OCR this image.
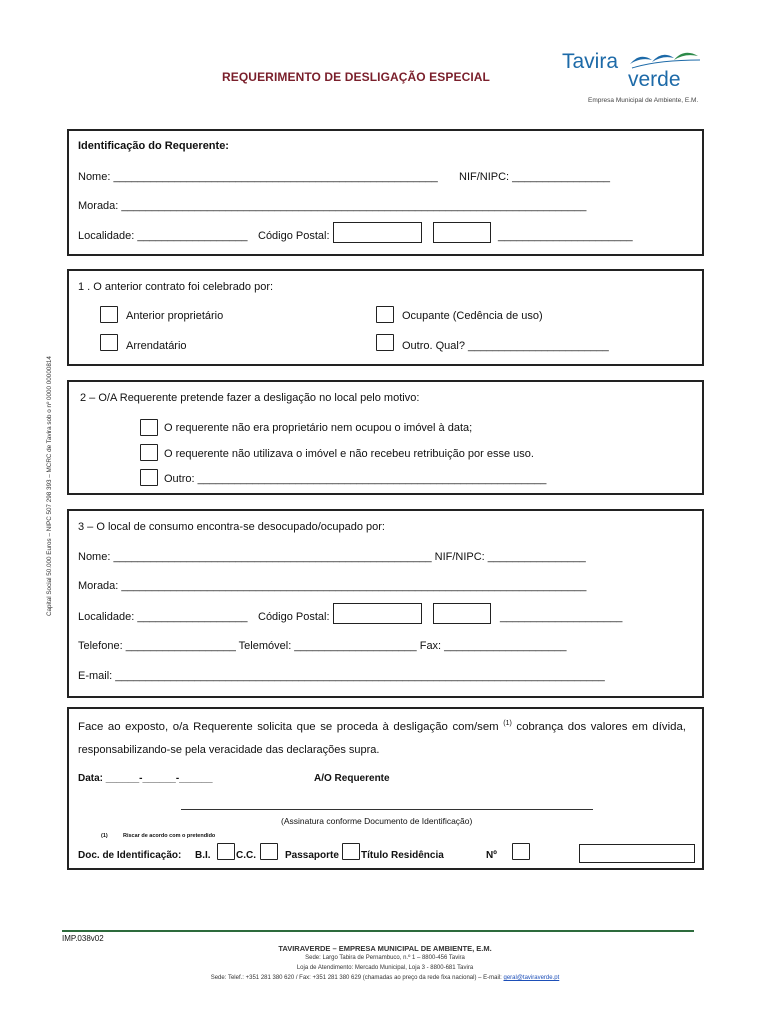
REQUERIMENTO DE DESLIGAÇÃO ESPECIAL
Tavira
verde
Empresa Municipal de Ambiente, E.M.
Capital Social 50.000 Euros – NIPC 507 298 393 – MCRC de Tavira sob o nº 0000 00000814
Identificação do Requerente:
Nome: _____________________________________________________ NIF/NIPC: ________________
Morada: ____________________________________________________________________________
Localidade: __________________ Código Postal:	______________________
1 . O anterior contrato foi celebrado por:
Anterior proprietário	Ocupante (Cedência de uso)
Arrendatário	Outro. Qual? _______________________
2 – O/A Requerente pretende fazer a desligação no local pelo motivo:
O requerente não era proprietário nem ocupou o imóvel à data;
O requerente não utilizava o imóvel e não recebeu retribuição por esse uso.
Outro: _________________________________________________________
3 – O local de consumo encontra-se desocupado/ocupado por:
Nome: ____________________________________________________ NIF/NIPC: ________________
Morada: ____________________________________________________________________________
Localidade: __________________ Código Postal:	____________________
Telefone: __________________ Telemóvel: ____________________ Fax: ____________________
E-mail: ________________________________________________________________________________
Face ao exposto, o/a Requerente solicita que se proceda à desligação com/sem $^{(1)}$ cobrança dos valores em dívida,
responsabilizando-se pela veracidade das declarações supra.
Data: ______-______-______	A/O Requerente
(Assinatura conforme Documento de Identificação)
(1)	Riscar de acordo com o pretendido
Doc. de Identificação: B.I.	C.C.	Passaporte Título Residência	Nº
IMP.038v02
TAVIRAVERDE – EMPRESA MUNICIPAL DE AMBIENTE, E.M.
Sede: Largo Tabira de Pernambuco, n.º 1 – 8800-456 Tavira
Loja de Atendimento: Mercado Municipal, Loja 3 - 8800-681 Tavira
Sede: Telef.: +351 281 380 620 / Fax: +351 281 380 629 (chamadas ao preço da rede fixa nacional) – E-mail: geral@taviraverde.pt
